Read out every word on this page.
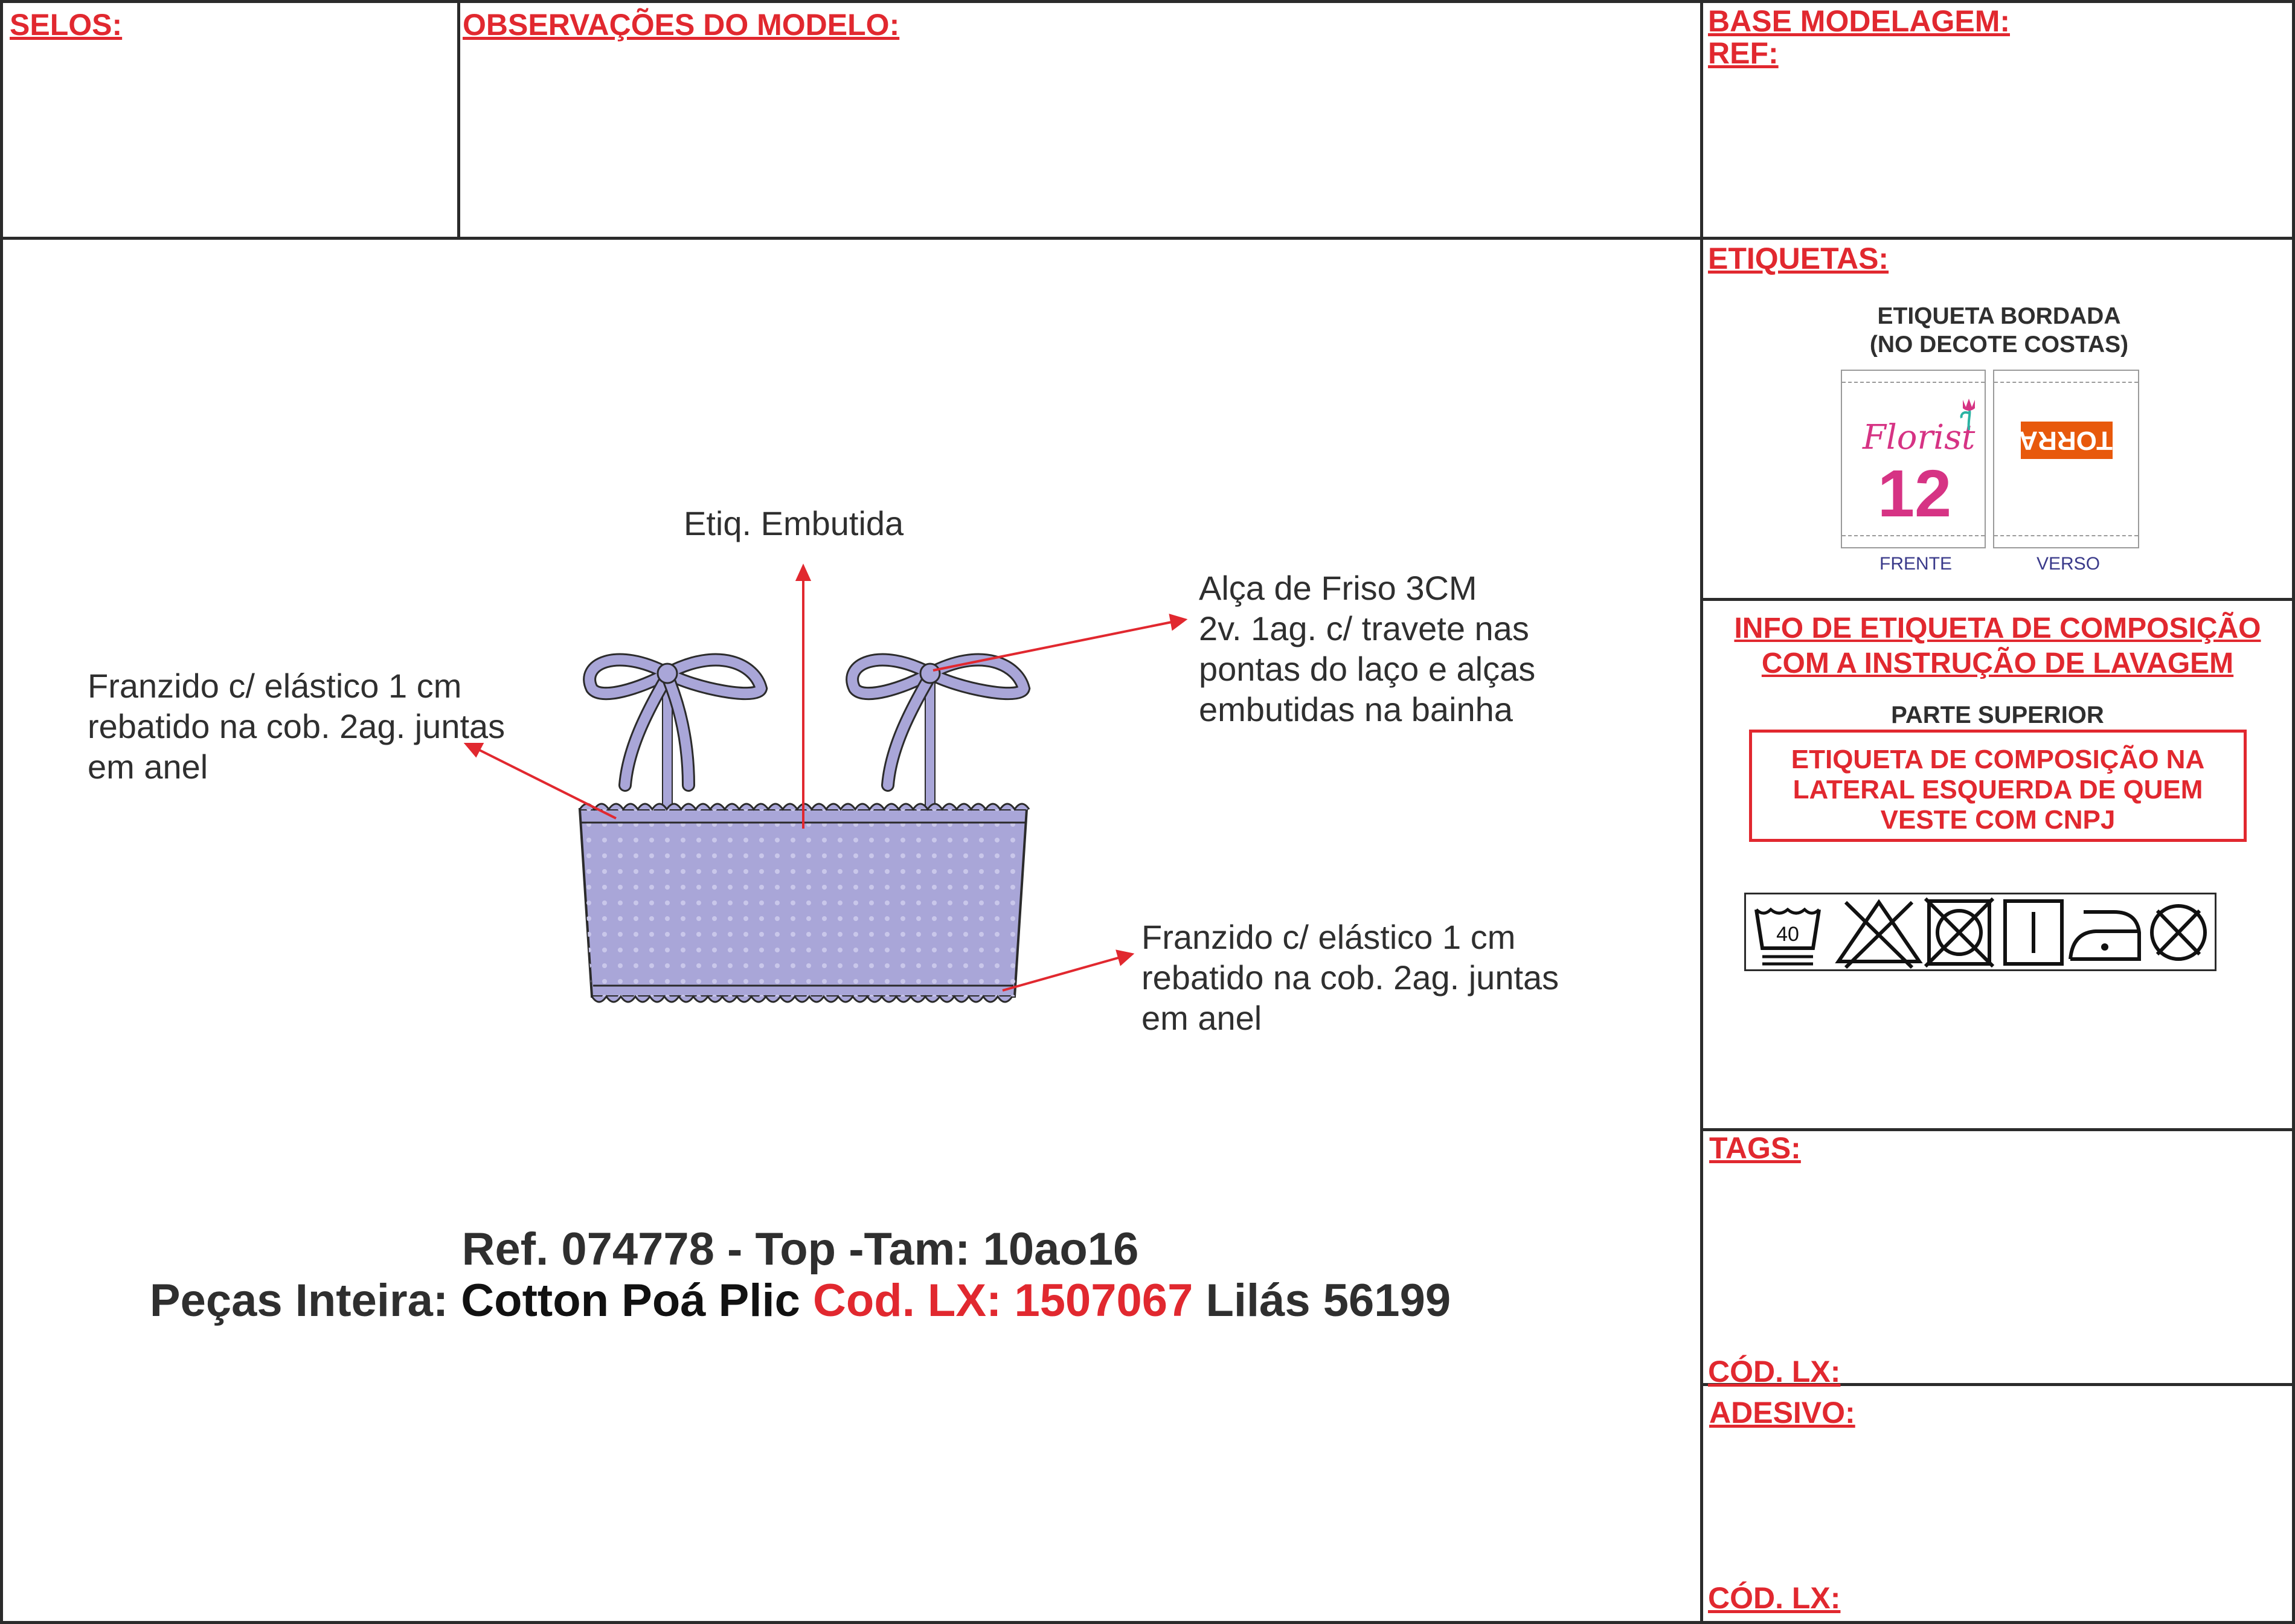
SELOS:	OBSERVAÇÕES DO MODELO:	BASE MODELAGEM:
REF:
ETIQUETAS:
ETIQUETA BORDADA
(NO DECOTE COSTAS)
Florist
12
FRENTE
TORRA
VERSO
INFO DE ETIQUETA DE COMPOSIÇÃO
COM A INSTRUÇÃO DE LAVAGEM
PARTE SUPERIOR
ETIQUETA DE COMPOSIÇÃO NA
LATERAL ESQUERDA DE QUEM
VESTE COM CNPJ
40
TAGS:
CÓD. LX:
ADESIVO:
CÓD. LX:
Etiq. Embutida
Alça de Friso 3CM
2v. 1ag. c/ travete nas
pontas do laço e alças
embutidas na bainha
Franzido c/ elástico 1 cm
rebatido na cob. 2ag. juntas
em anel
Franzido c/ elástico 1 cm
rebatido na cob. 2ag. juntas
em anel
Ref. 074778 - Top -Tam: 10ao16
Peças Inteira: Cotton Poá Plic Cod. LX: 1507067 Lilás 56199
